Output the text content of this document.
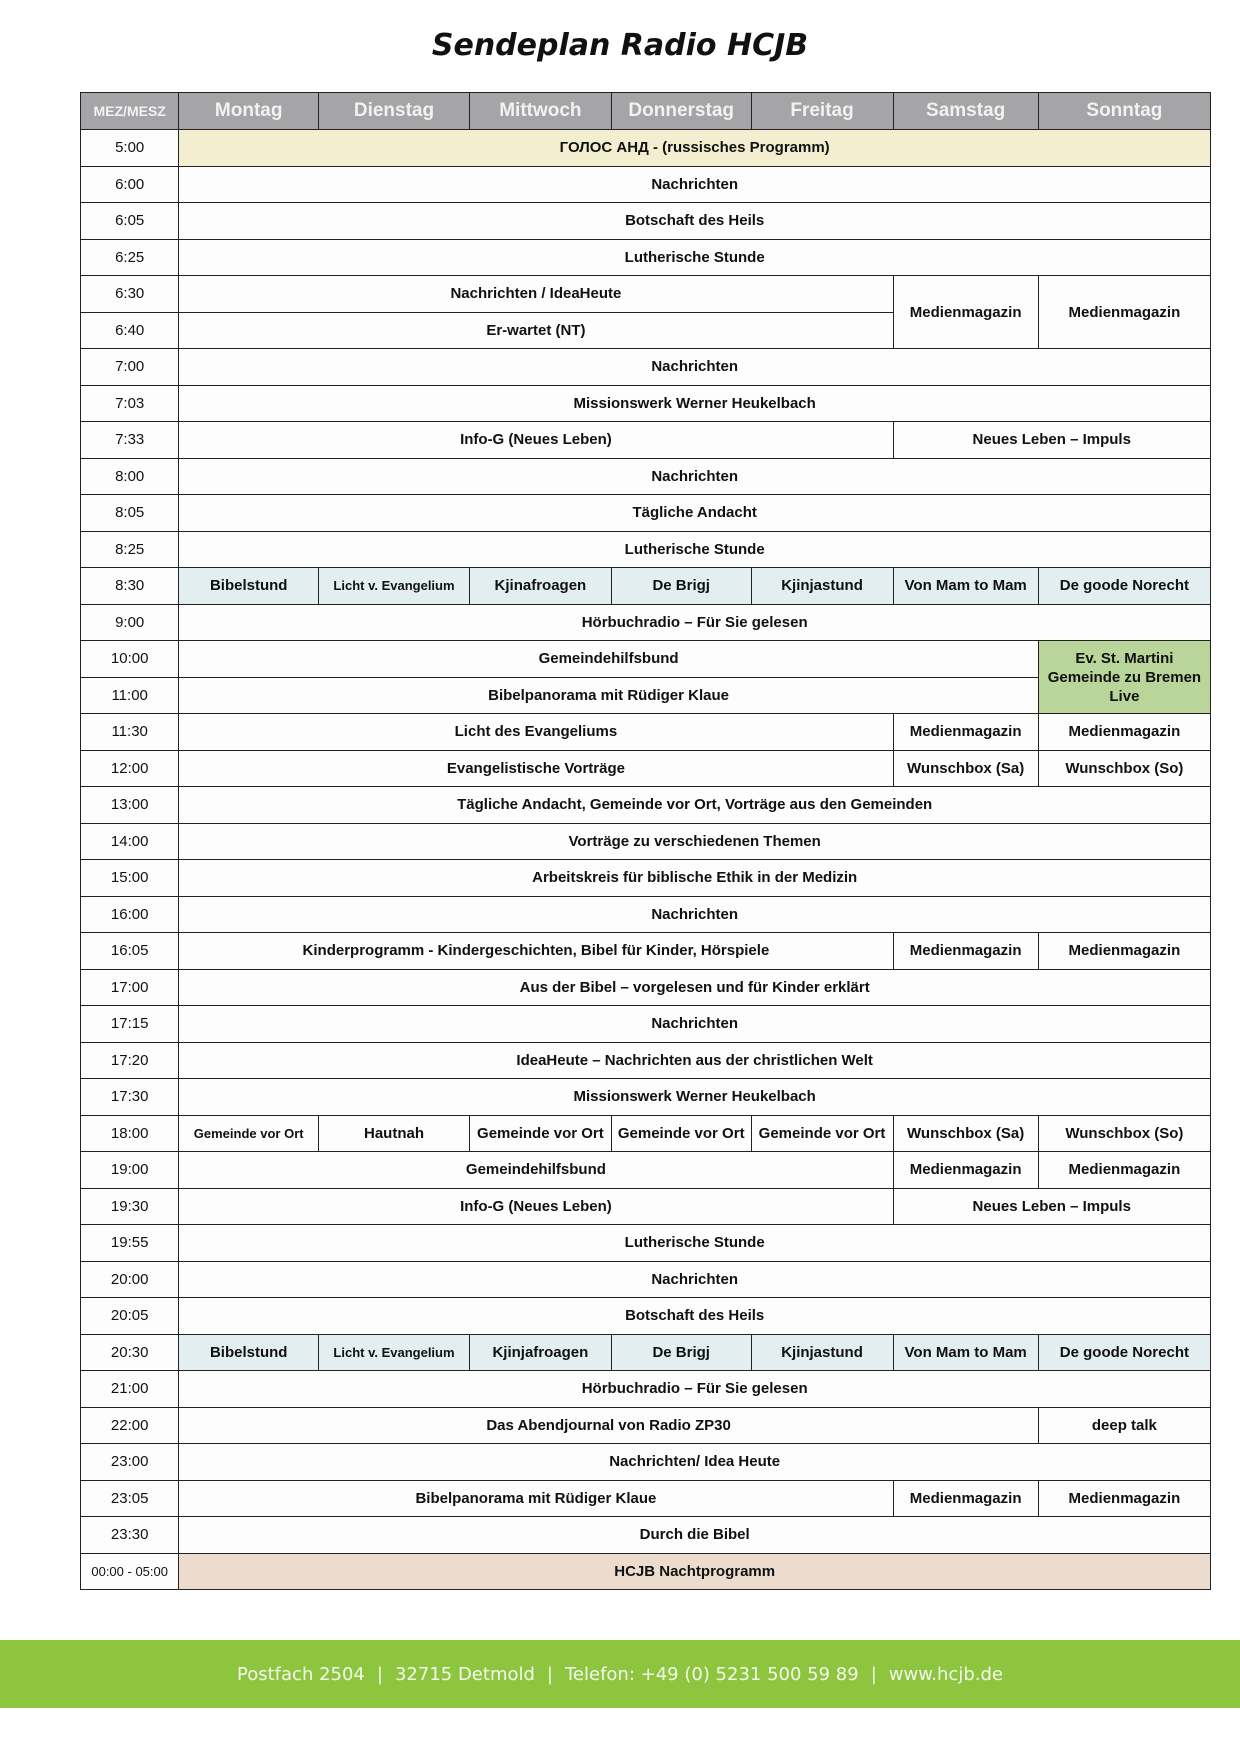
Sendeplan Radio HCJB
MEZ/MESZ	Montag	Dienstag	Mittwoch	Donnerstag	Freitag	Samstag	Sonntag
5:00	ГОЛОС АНД - (russisches Programm)						
6:00	Nachrichten						
6:05	Botschaft des Heils						
6:25	Lutherische Stunde						
6:30	Nachrichten / IdeaHeute					Medienmagazin	Medienmagazin
6:40	Er-wartet (NT)						
7:00	Nachrichten						
7:03	Missionswerk Werner Heukelbach						
7:33	Info-G (Neues Leben)					Neues Leben – Impuls	
8:00	Nachrichten						
8:05	Tägliche Andacht						
8:25	Lutherische Stunde						
8:30	Bibelstund	Licht v. Evangelium	Kjinafroagen	De Brigj	Kjinjastund	Von Mam to Mam	De goode Norecht
9:00	Hörbuchradio – Für Sie gelesen						
10:00	Gemeindehilfsbund						Ev. St. Martini Gemeinde zu Bremen Live
11:00	Bibelpanorama mit Rüdiger Klaue						
11:30	Licht des Evangeliums					Medienmagazin	Medienmagazin
12:00	Evangelistische Vorträge					Wunschbox (Sa)	Wunschbox (So)
13:00	Tägliche Andacht, Gemeinde vor Ort, Vorträge aus den Gemeinden						
14:00	Vorträge zu verschiedenen Themen						
15:00	Arbeitskreis für biblische Ethik in der Medizin						
16:00	Nachrichten						
16:05	Kinderprogramm - Kindergeschichten, Bibel für Kinder, Hörspiele					Medienmagazin	Medienmagazin
17:00	Aus der Bibel – vorgelesen und für Kinder erklärt						
17:15	Nachrichten						
17:20	IdeaHeute – Nachrichten aus der christlichen Welt						
17:30	Missionswerk Werner Heukelbach						
18:00	Gemeinde vor Ort	Hautnah	Gemeinde vor Ort	Gemeinde vor Ort	Gemeinde vor Ort	Wunschbox (Sa)	Wunschbox (So)
19:00	Gemeindehilfsbund					Medienmagazin	Medienmagazin
19:30	Info-G (Neues Leben)					Neues Leben – Impuls	
19:55	Lutherische Stunde						
20:00	Nachrichten						
20:05	Botschaft des Heils						
20:30	Bibelstund	Licht v. Evangelium	Kjinjafroagen	De Brigj	Kjinjastund	Von Mam to Mam	De goode Norecht
21:00	Hörbuchradio – Für Sie gelesen						
22:00	Das Abendjournal von Radio ZP30						deep talk
23:00	Nachrichten/ Idea Heute						
23:05	Bibelpanorama mit Rüdiger Klaue					Medienmagazin	Medienmagazin
23:30	Durch die Bibel						
00:00 - 05:00	HCJB Nachtprogramm						
Postfach 2504 | 32715 Detmold | Telefon: +49 (0) 5231 500 59 89 | www.hcjb.de
